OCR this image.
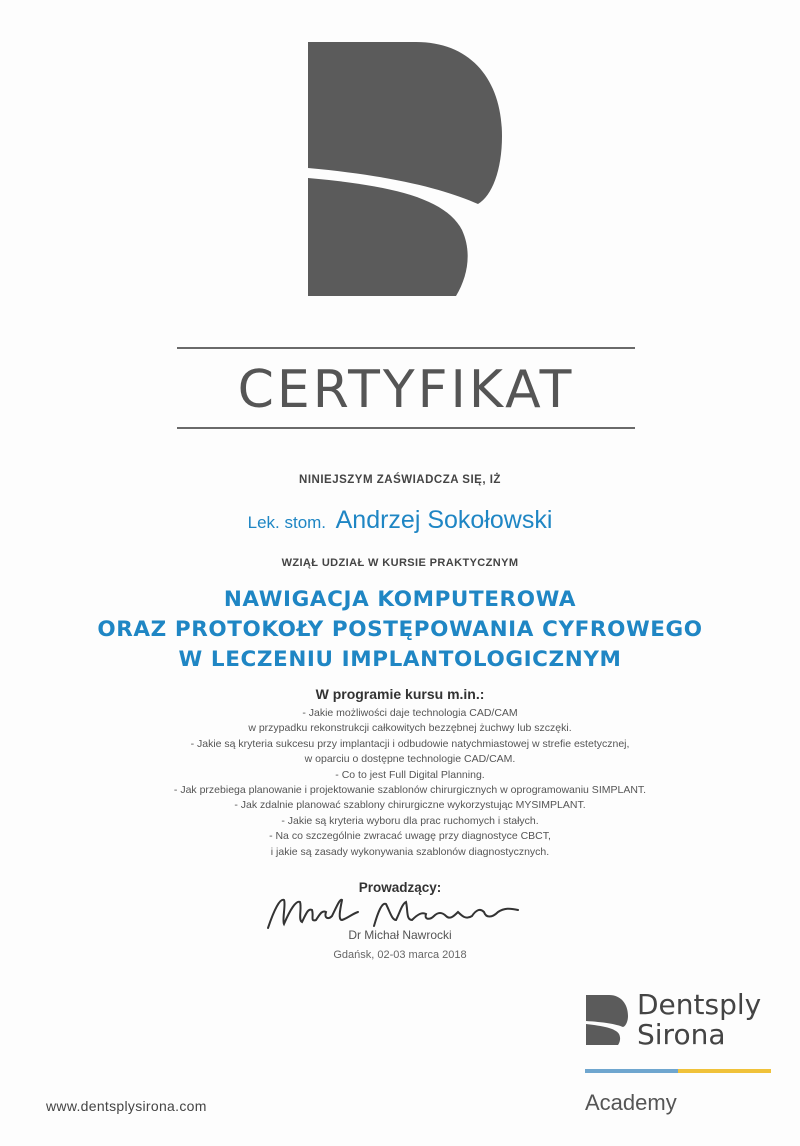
CERTYFIKAT
NINIEJSZYM ZAŚWIADCZA SIĘ, IŻ
Lek. stom. Andrzej Sokołowski
WZIĄŁ UDZIAŁ W KURSIE PRAKTYCZNYM
NAWIGACJA KOMPUTEROWA
ORAZ PROTOKOŁY POSTĘPOWANIA CYFROWEGO
W LECZENIU IMPLANTOLOGICZNYM
W programie kursu m.in.:
- Jakie możliwości daje technologia CAD/CAM
w przypadku rekonstrukcji całkowitych bezzębnej żuchwy lub szczęki.
- Jakie są kryteria sukcesu przy implantacji i odbudowie natychmiastowej w strefie estetycznej,
w oparciu o dostępne technologie CAD/CAM.
- Co to jest Full Digital Planning.
- Jak przebiega planowanie i projektowanie szablonów chirurgicznych w oprogramowaniu SIMPLANT.
- Jak zdalnie planować szablony chirurgiczne wykorzystując MYSIMPLANT.
- Jakie są kryteria wyboru dla prac ruchomych i stałych.
- Na co szczególnie zwracać uwagę przy diagnostyce CBCT,
i jakie są zasady wykonywania szablonów diagnostycznych.
Prowadzący:
Dr Michał Nawrocki
Gdańsk, 02-03 marca 2018
Dentsply
Sirona
Academy
www.dentsplysirona.com
